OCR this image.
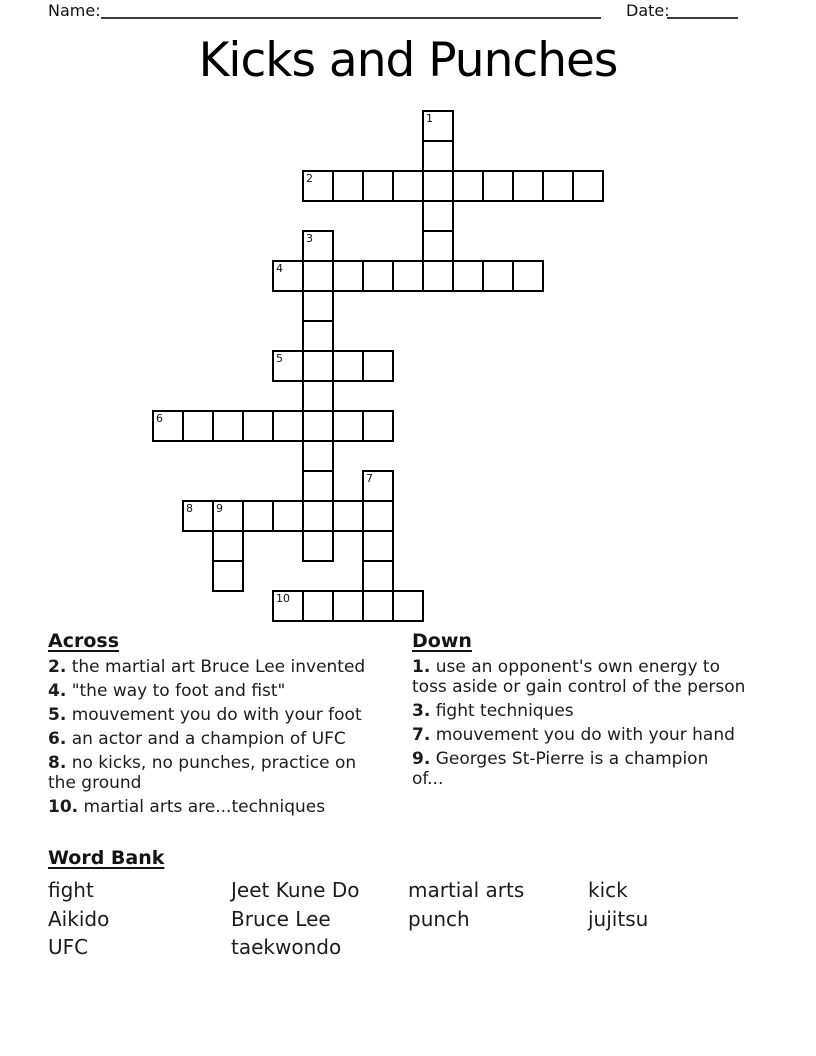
Name:	Date:
Kicks and Punches
1
2
3
4
5
6
7
8 9
10
Across
2. the martial art Bruce Lee invented
4. "the way to foot and fist"
5. mouvement you do with your foot
6. an actor and a champion of UFC
8. no kicks, no punches, practice on
the ground
10. martial arts are...techniques
Down
1. use an opponent's own energy to
toss aside or gain control of the person
3. fight techniques
7. mouvement you do with your hand
9. Georges St-Pierre is a champion
of...
Word Bank
fight
Aikido
UFC
Jeet Kune Do
Bruce Lee
taekwondo
martial arts
punch
kick
jujitsu
